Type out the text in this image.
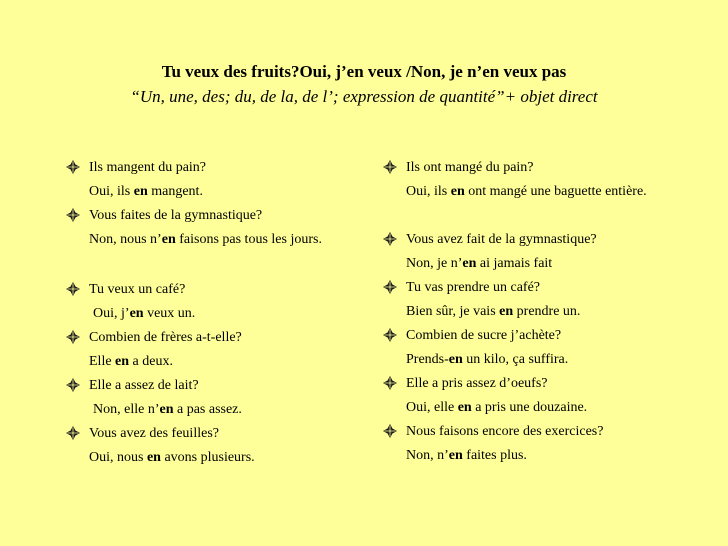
Tu veux des fruits?Oui, j’en veux /Non, je n’en veux pas
“Un, une, des; du, de la, de l’; expression de quantité”+ objet direct
Ils mangent du pain?
Oui, ils en mangent.
Vous faites de la gymnastique?
Non, nous n’en faisons pas tous les jours.
Tu veux un café?
Oui, j’en veux un.
Combien de frères a-t-elle?
Elle en a deux.
Elle a assez de lait?
Non, elle n’en a pas assez.
Vous avez des feuilles?
Oui, nous en avons plusieurs.
Ils ont mangé du pain?
Oui, ils en ont mangé une baguette entière.
Vous avez fait de la gymnastique?
Non, je n’en ai jamais fait
Tu vas prendre un café?
Bien sûr, je vais en prendre un.
Combien de sucre j’achète?
Prends-en un kilo, ça suffira.
Elle a pris assez d’oeufs?
Oui, elle en a pris une douzaine.
Nous faisons encore des exercices?
Non, n’en faites plus.
